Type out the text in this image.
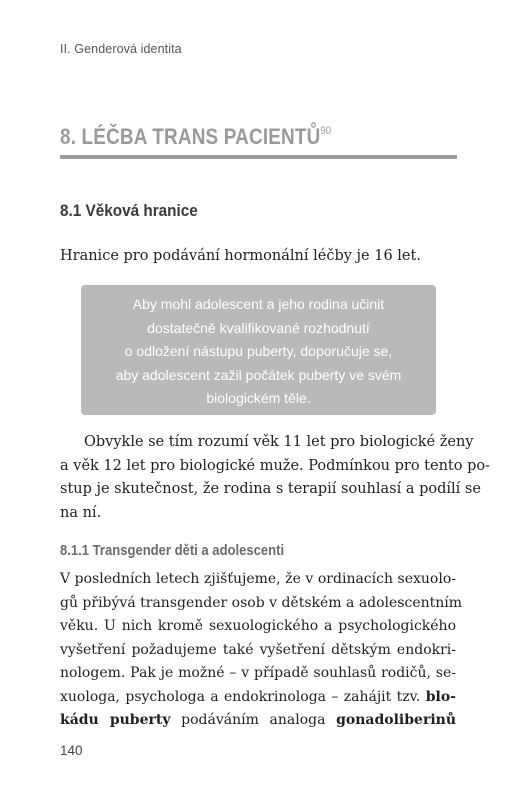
II. Genderová identita
8. LÉČBA TRANS PACIENTŮ$^{90}$
8.1 Věková hranice

Hranice pro podávání hormonální léčby je 16 let.

Aby mohl adolescent a jeho rodina učinit
dostatečně kvalifikované rozhodnutí
o odložení nástupu puberty, doporučuje se,
aby adolescent zažil počátek puberty ve svém
biologickém těle.

Obvykle se tím rozumí věk 11 let pro biologické ženy
a věk 12 let pro biologické muže. Podmínkou pro tento po-
stup je skutečnost, že rodina s terapií souhlasí a podílí se
na ní.

8.1.1 Transgender děti a adolescenti

V posledních letech zjišťujeme, že v ordinacích sexuolo-
gů přibývá transgender osob v dětském a adolescentním
věku. U nich kromě sexuologického a psychologického
vyšetření požadujeme také vyšetření dětským endokri-
nologem. Pak je možné – v případě souhlasů rodičů, se-
xuologa, psychologa a endokrinologa – zahájit tzv. blo-
kádu puberty podáváním analoga gonadoliberinů

140
